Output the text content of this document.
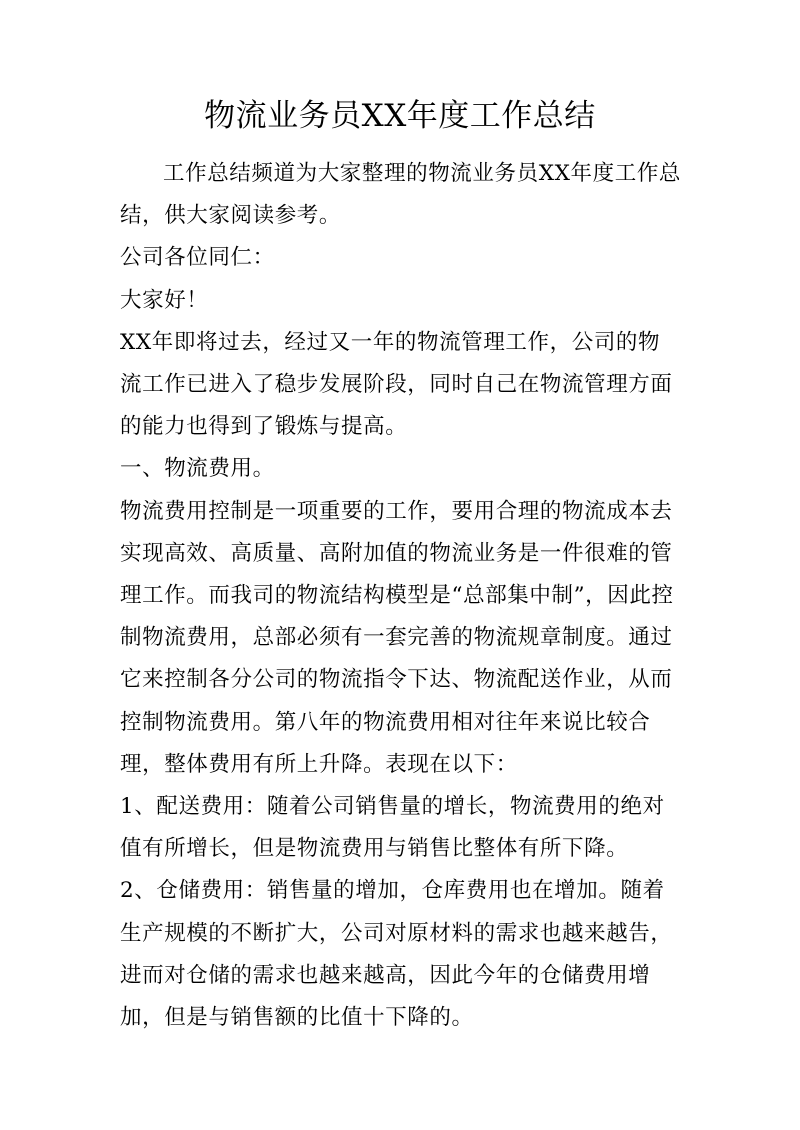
物流业务员XX年度工作总结

工作总结频道为大家整理的物流业务员XX年度工作总结，供大家阅读参考。

公司各位同仁：

大家好！

XX年即将过去，经过又一年的物流管理工作，公司的物流工作已进入了稳步发展阶段，同时自己在物流管理方面的能力也得到了锻炼与提高。

一、物流费用。

物流费用控制是一项重要的工作，要用合理的物流成本去实现高效、高质量、高附加值的物流业务是一件很难的管理工作。而我司的物流结构模型是“总部集中制”，因此控制物流费用，总部必须有一套完善的物流规章制度。通过它来控制各分公司的物流指令下达、物流配送作业，从而控制物流费用。第八年的物流费用相对往年来说比较合理，整体费用有所上升降。表现在以下：

1、配送费用：随着公司销售量的增长，物流费用的绝对值有所增长，但是物流费用与销售比整体有所下降。

2、仓储费用：销售量的增加，仓库费用也在增加。随着生产规模的不断扩大，公司对原材料的需求也越来越告，进而对仓储的需求也越来越高，因此今年的仓储费用增加，但是与销售额的比值十下降的。
